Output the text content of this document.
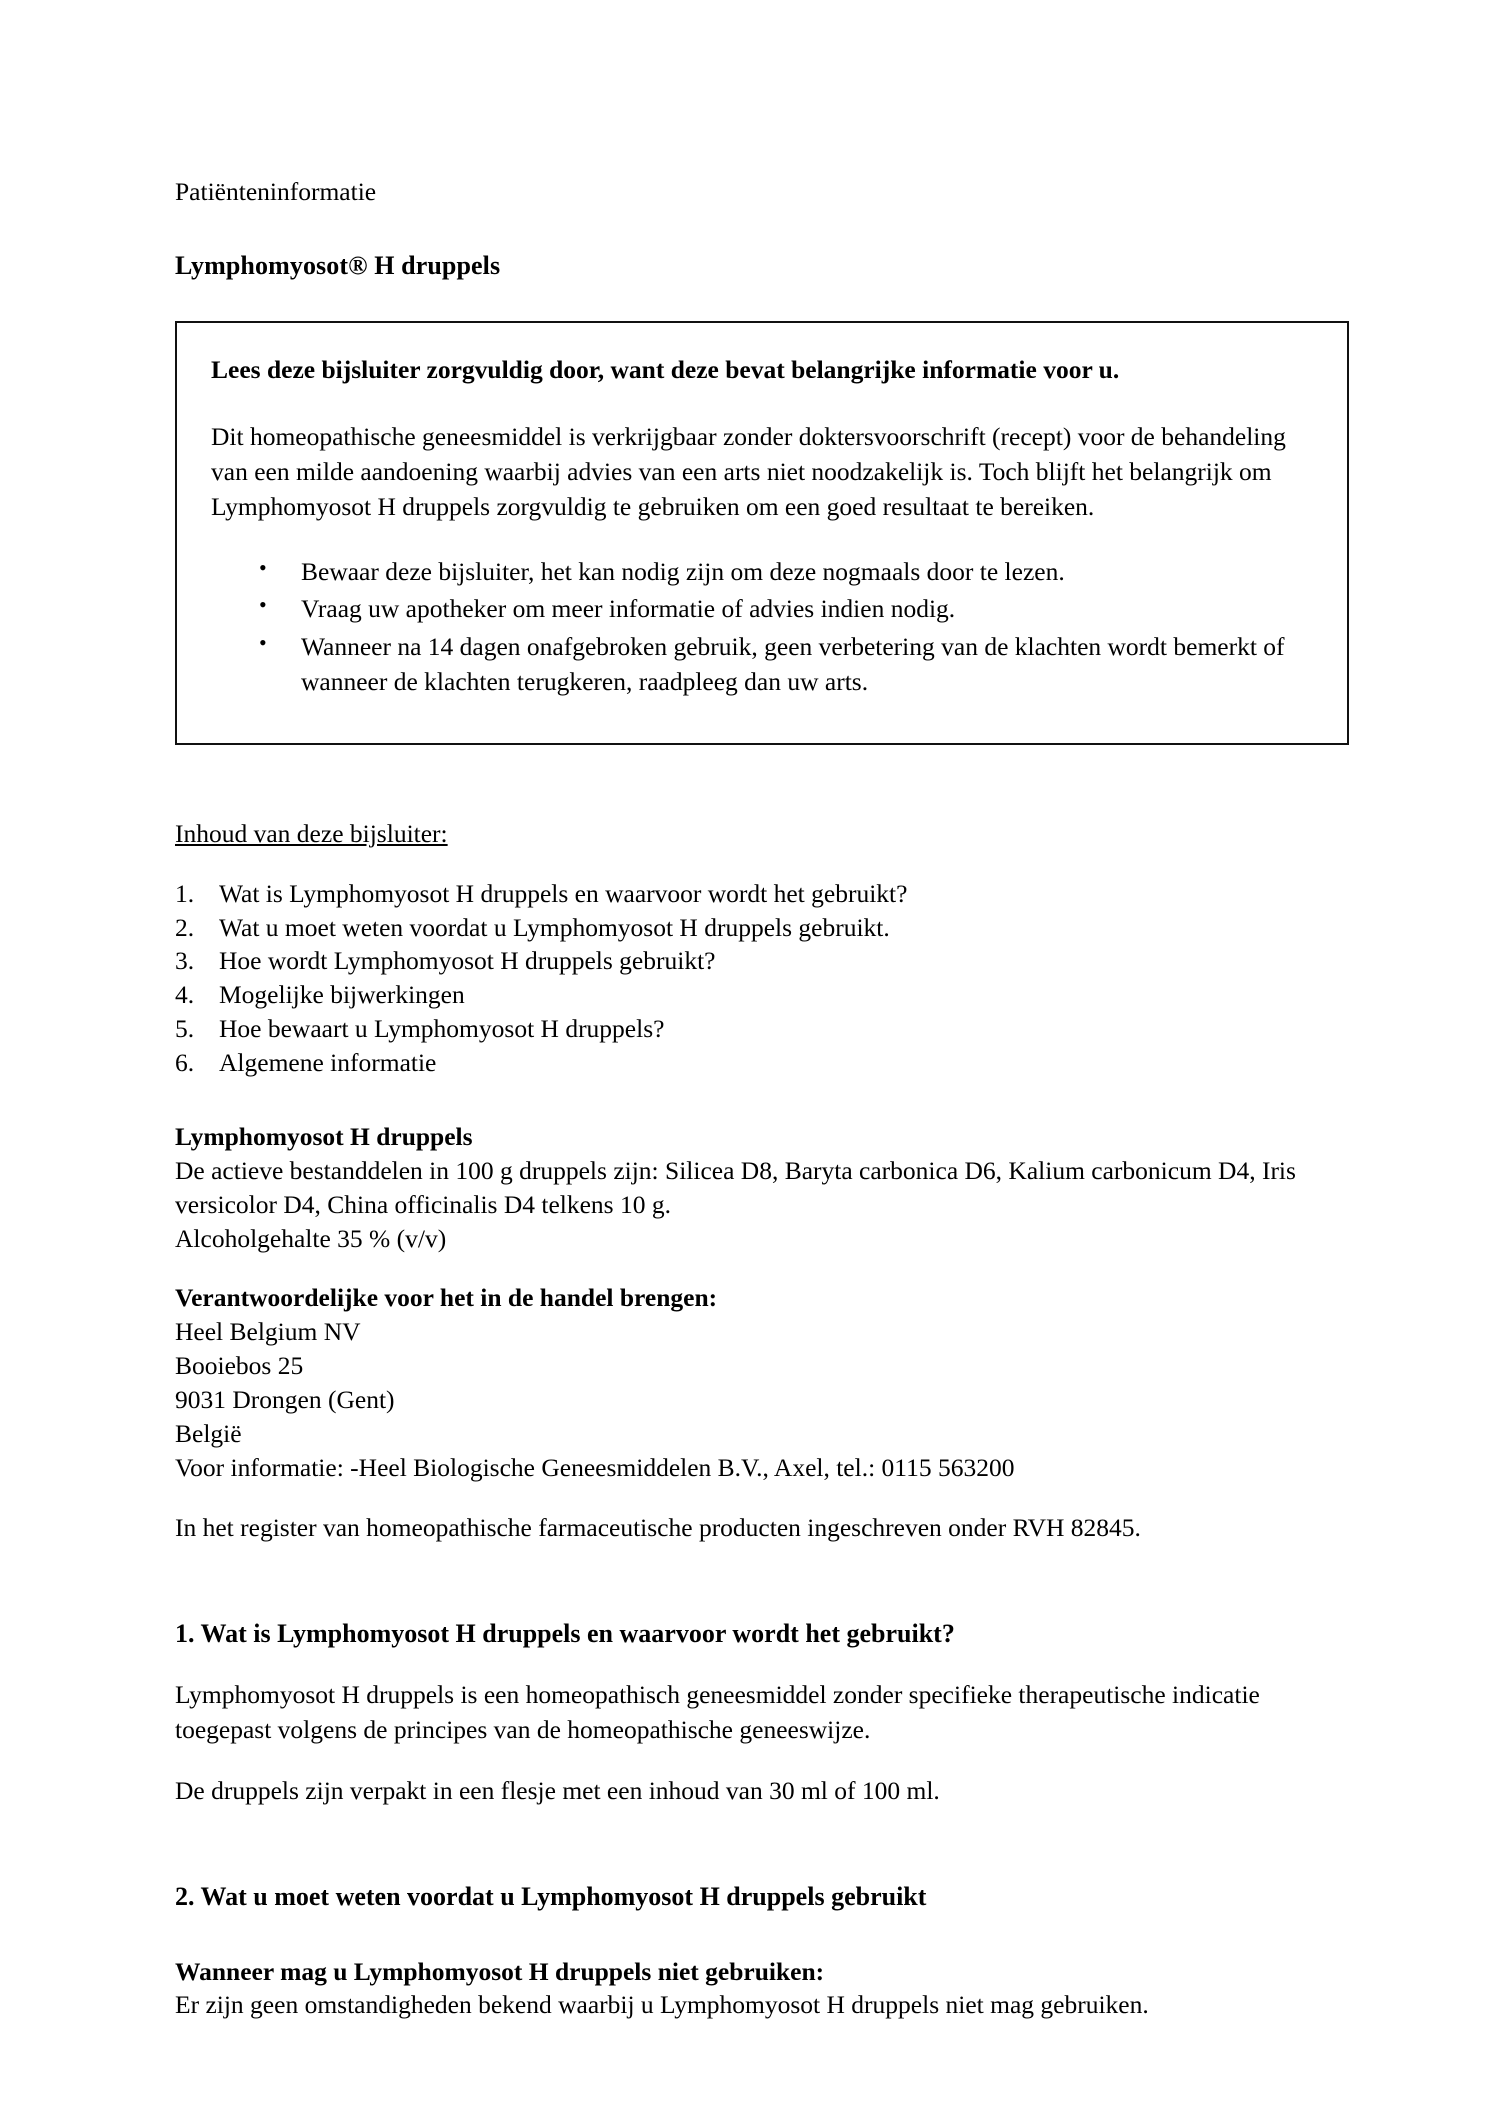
Patiënteninformatie
Lymphomyosot® H druppels
Lees deze bijsluiter zorgvuldig door, want deze bevat belangrijke informatie voor u.
Dit homeopathische geneesmiddel is verkrijgbaar zonder doktersvoorschrift (recept) voor de behandeling van een milde aandoening waarbij advies van een arts niet noodzakelijk is. Toch blijft het belangrijk om Lymphomyosot H druppels zorgvuldig te gebruiken om een goed resultaat te bereiken.
• Bewaar deze bijsluiter, het kan nodig zijn om deze nogmaals door te lezen.
• Vraag uw apotheker om meer informatie of advies indien nodig.
• Wanneer na 14 dagen onafgebroken gebruik, geen verbetering van de klachten wordt bemerkt of wanneer de klachten terugkeren, raadpleeg dan uw arts.
Inhoud van deze bijsluiter:
1. Wat is Lymphomyosot H druppels en waarvoor wordt het gebruikt?
2. Wat u moet weten voordat u Lymphomyosot H druppels gebruikt.
3. Hoe wordt Lymphomyosot H druppels gebruikt?
4. Mogelijke bijwerkingen
5. Hoe bewaart u Lymphomyosot H druppels?
6. Algemene informatie
Lymphomyosot H druppels
De actieve bestanddelen in 100 g druppels zijn: Silicea D8, Baryta carbonica D6, Kalium carbonicum D4, Iris versicolor D4, China officinalis D4 telkens 10 g.
Alcoholgehalte 35 % (v/v)
Verantwoordelijke voor het in de handel brengen:
Heel Belgium NV
Booiebos 25
9031 Drongen (Gent)
België
Voor informatie: -Heel Biologische Geneesmiddelen B.V., Axel, tel.: 0115 563200
In het register van homeopathische farmaceutische producten ingeschreven onder RVH 82845.
1. Wat is Lymphomyosot H druppels en waarvoor wordt het gebruikt?
Lymphomyosot H druppels is een homeopathisch geneesmiddel zonder specifieke therapeutische indicatie toegepast volgens de principes van de homeopathische geneeswijze.
De druppels zijn verpakt in een flesje met een inhoud van 30 ml of 100 ml.
2. Wat u moet weten voordat u Lymphomyosot H druppels gebruikt
Wanneer mag u Lymphomyosot H druppels niet gebruiken:
Er zijn geen omstandigheden bekend waarbij u Lymphomyosot H druppels niet mag gebruiken.
